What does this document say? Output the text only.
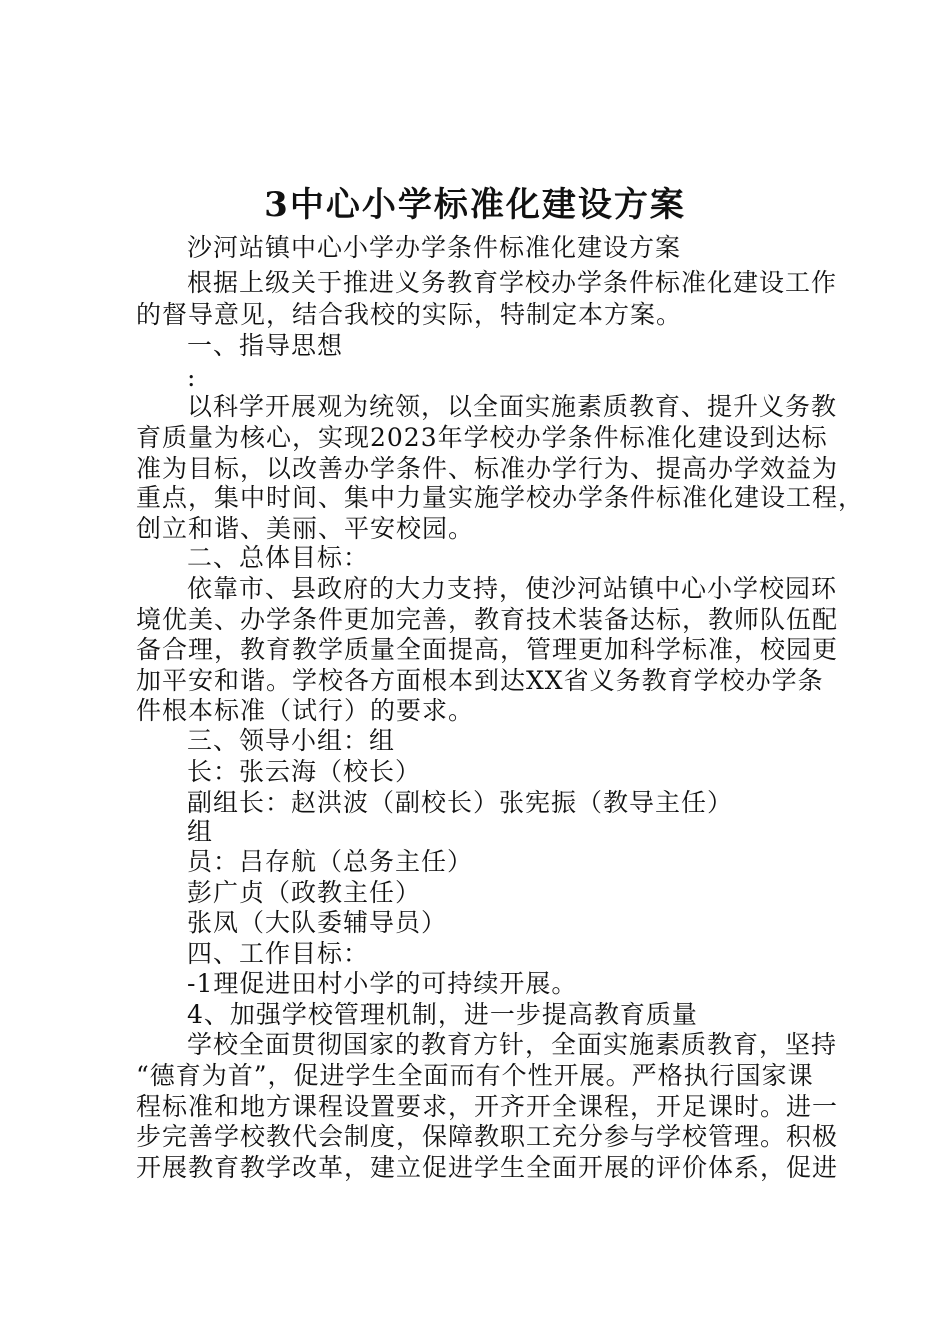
3中心小学标准化建设方案
沙河站镇中心小学办学条件标准化建设方案
根据上级关于推进义务教育学校办学条件标准化建设工作
的督导意见，结合我校的实际，特制定本方案。
一、指导思想
:
以科学开展观为统领，以全面实施素质教育、提升义务教
育质量为核心，实现2023年学校办学条件标准化建设到达标
准为目标，以改善办学条件、标准办学行为、提高办学效益为
重点，集中时间、集中力量实施学校办学条件标准化建设工程，
创立和谐、美丽、平安校园。
二、总体目标：
依靠市、县政府的大力支持，使沙河站镇中心小学校园环
境优美、办学条件更加完善，教育技术装备达标，教师队伍配
备合理，教育教学质量全面提高，管理更加科学标准，校园更
加平安和谐。学校各方面根本到达XX省义务教育学校办学条
件根本标准（试行）的要求。
三、领导小组：组
长：张云海（校长）
副组长：赵洪波（副校长）张宪振（教导主任）
组
员：吕存航（总务主任）
彭广贞（政教主任）
张凤（大队委辅导员）
四、工作目标：
-1理促进田村小学的可持续开展。
4、加强学校管理机制，进一步提高教育质量
学校全面贯彻国家的教育方针，全面实施素质教育，坚持
“德育为首”，促进学生全面而有个性开展。严格执行国家课
程标准和地方课程设置要求，开齐开全课程，开足课时。进一
步完善学校教代会制度，保障教职工充分参与学校管理。积极
开展教育教学改革，建立促进学生全面开展的评价体系，促进
